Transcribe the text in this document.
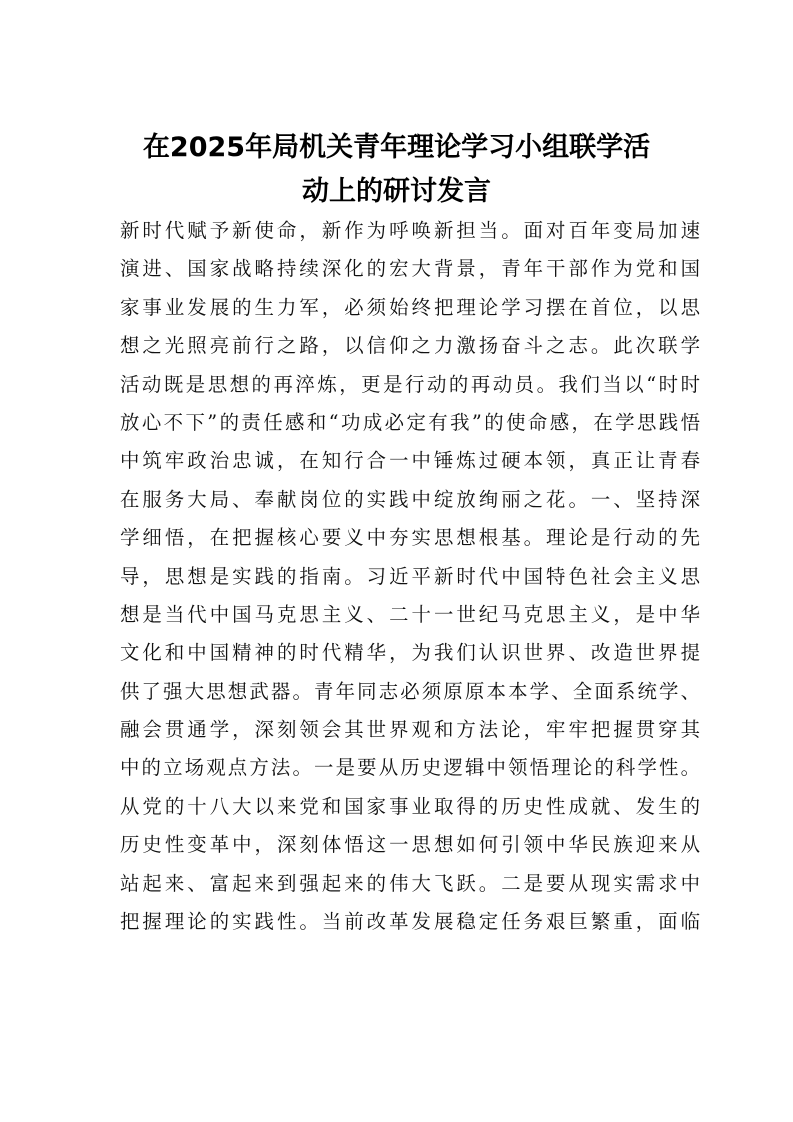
在2025年局机关青年理论学习小组联学活
动上的研讨发言
新时代赋予新使命，新作为呼唤新担当。面对百年变局加速
演进、国家战略持续深化的宏大背景，青年干部作为党和国
家事业发展的生力军，必须始终把理论学习摆在首位，以思
想之光照亮前行之路，以信仰之力激扬奋斗之志。此次联学
活动既是思想的再淬炼，更是行动的再动员。我们当以“时时
放心不下”的责任感和“功成必定有我”的使命感，在学思践悟
中筑牢政治忠诚，在知行合一中锤炼过硬本领，真正让青春
在服务大局、奉献岗位的实践中绽放绚丽之花。一、坚持深
学细悟，在把握核心要义中夯实思想根基。理论是行动的先
导，思想是实践的指南。习近平新时代中国特色社会主义思
想是当代中国马克思主义、二十一世纪马克思主义，是中华
文化和中国精神的时代精华，为我们认识世界、改造世界提
供了强大思想武器。青年同志必须原原本本学、全面系统学、
融会贯通学，深刻领会其世界观和方法论，牢牢把握贯穿其
中的立场观点方法。一是要从历史逻辑中领悟理论的科学性。
从党的十八大以来党和国家事业取得的历史性成就、发生的
历史性变革中，深刻体悟这一思想如何引领中华民族迎来从
站起来、富起来到强起来的伟大飞跃。二是要从现实需求中
把握理论的实践性。当前改革发展稳定任务艰巨繁重，面临
